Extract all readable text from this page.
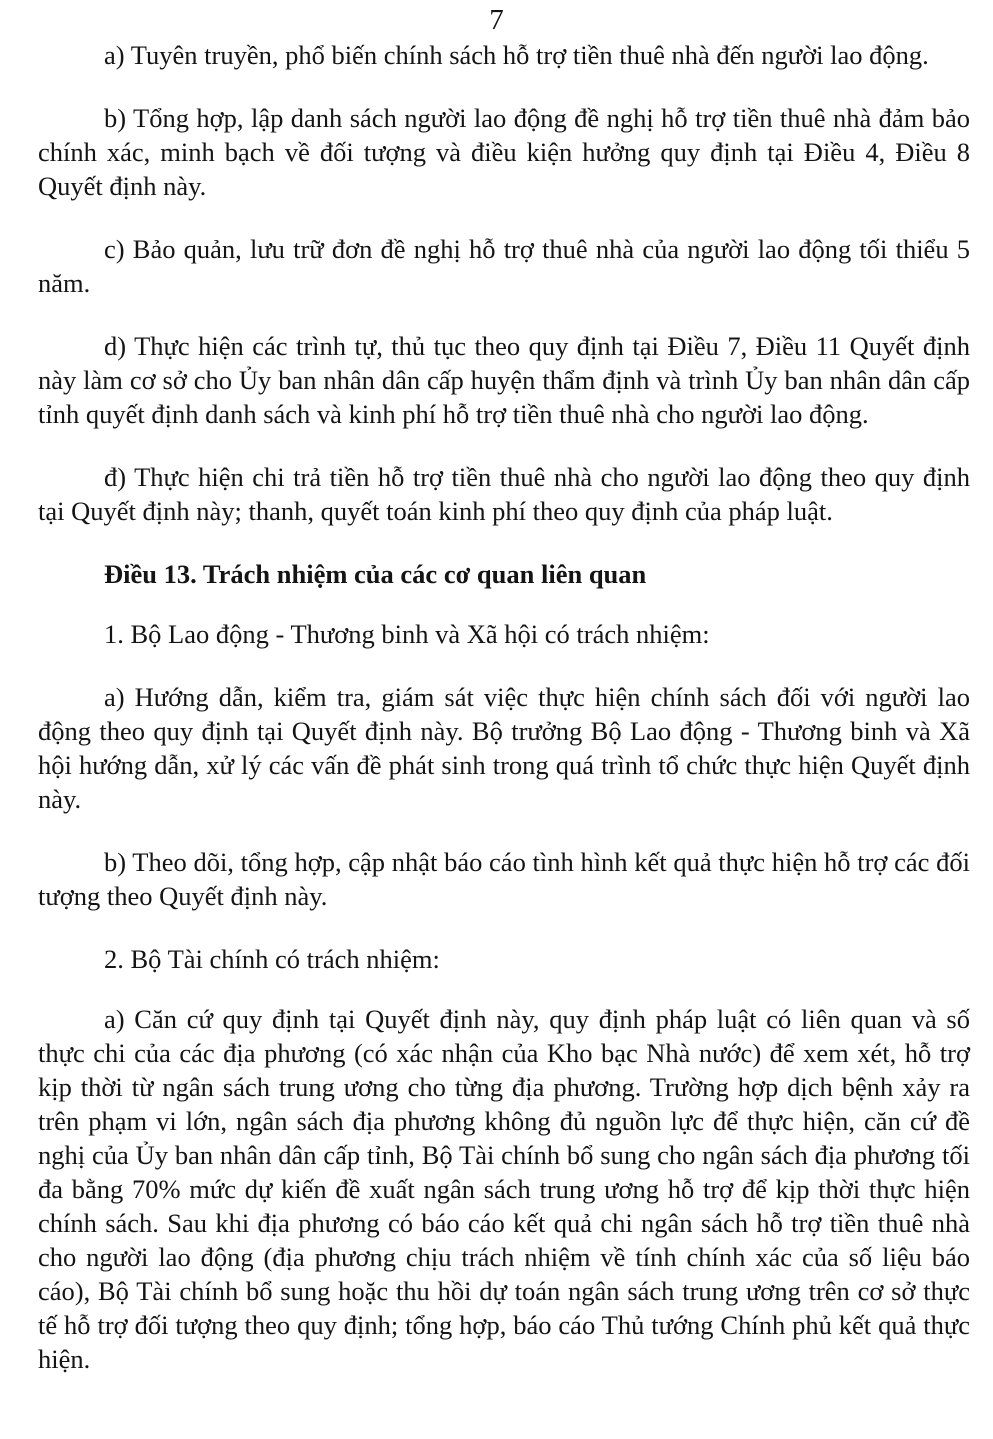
7

a) Tuyên truyền, phổ biến chính sách hỗ trợ tiền thuê nhà đến người lao động.

b) Tổng hợp, lập danh sách người lao động đề nghị hỗ trợ tiền thuê nhà đảm bảo chính xác, minh bạch về đối tượng và điều kiện hưởng quy định tại Điều 4, Điều 8 Quyết định này.

c) Bảo quản, lưu trữ đơn đề nghị hỗ trợ thuê nhà của người lao động tối thiểu 5 năm.

d) Thực hiện các trình tự, thủ tục theo quy định tại Điều 7, Điều 11 Quyết định này làm cơ sở cho Ủy ban nhân dân cấp huyện thẩm định và trình Ủy ban nhân dân cấp tỉnh quyết định danh sách và kinh phí hỗ trợ tiền thuê nhà cho người lao động.

đ) Thực hiện chi trả tiền hỗ trợ tiền thuê nhà cho người lao động theo quy định tại Quyết định này; thanh, quyết toán kinh phí theo quy định của pháp luật.

Điều 13. Trách nhiệm của các cơ quan liên quan

1. Bộ Lao động - Thương binh và Xã hội có trách nhiệm:

a) Hướng dẫn, kiểm tra, giám sát việc thực hiện chính sách đối với người lao động theo quy định tại Quyết định này. Bộ trưởng Bộ Lao động - Thương binh và Xã hội hướng dẫn, xử lý các vấn đề phát sinh trong quá trình tổ chức thực hiện Quyết định này.

b) Theo dõi, tổng hợp, cập nhật báo cáo tình hình kết quả thực hiện hỗ trợ các đối tượng theo Quyết định này.

2. Bộ Tài chính có trách nhiệm:

a) Căn cứ quy định tại Quyết định này, quy định pháp luật có liên quan và số thực chi của các địa phương (có xác nhận của Kho bạc Nhà nước) để xem xét, hỗ trợ kịp thời từ ngân sách trung ương cho từng địa phương. Trường hợp dịch bệnh xảy ra trên phạm vi lớn, ngân sách địa phương không đủ nguồn lực để thực hiện, căn cứ đề nghị của Ủy ban nhân dân cấp tỉnh, Bộ Tài chính bổ sung cho ngân sách địa phương tối đa bằng 70% mức dự kiến đề xuất ngân sách trung ương hỗ trợ để kịp thời thực hiện chính sách. Sau khi địa phương có báo cáo kết quả chi ngân sách hỗ trợ tiền thuê nhà cho người lao động (địa phương chịu trách nhiệm về tính chính xác của số liệu báo cáo), Bộ Tài chính bổ sung hoặc thu hồi dự toán ngân sách trung ương trên cơ sở thực tế hỗ trợ đối tượng theo quy định; tổng hợp, báo cáo Thủ tướng Chính phủ kết quả thực hiện.
